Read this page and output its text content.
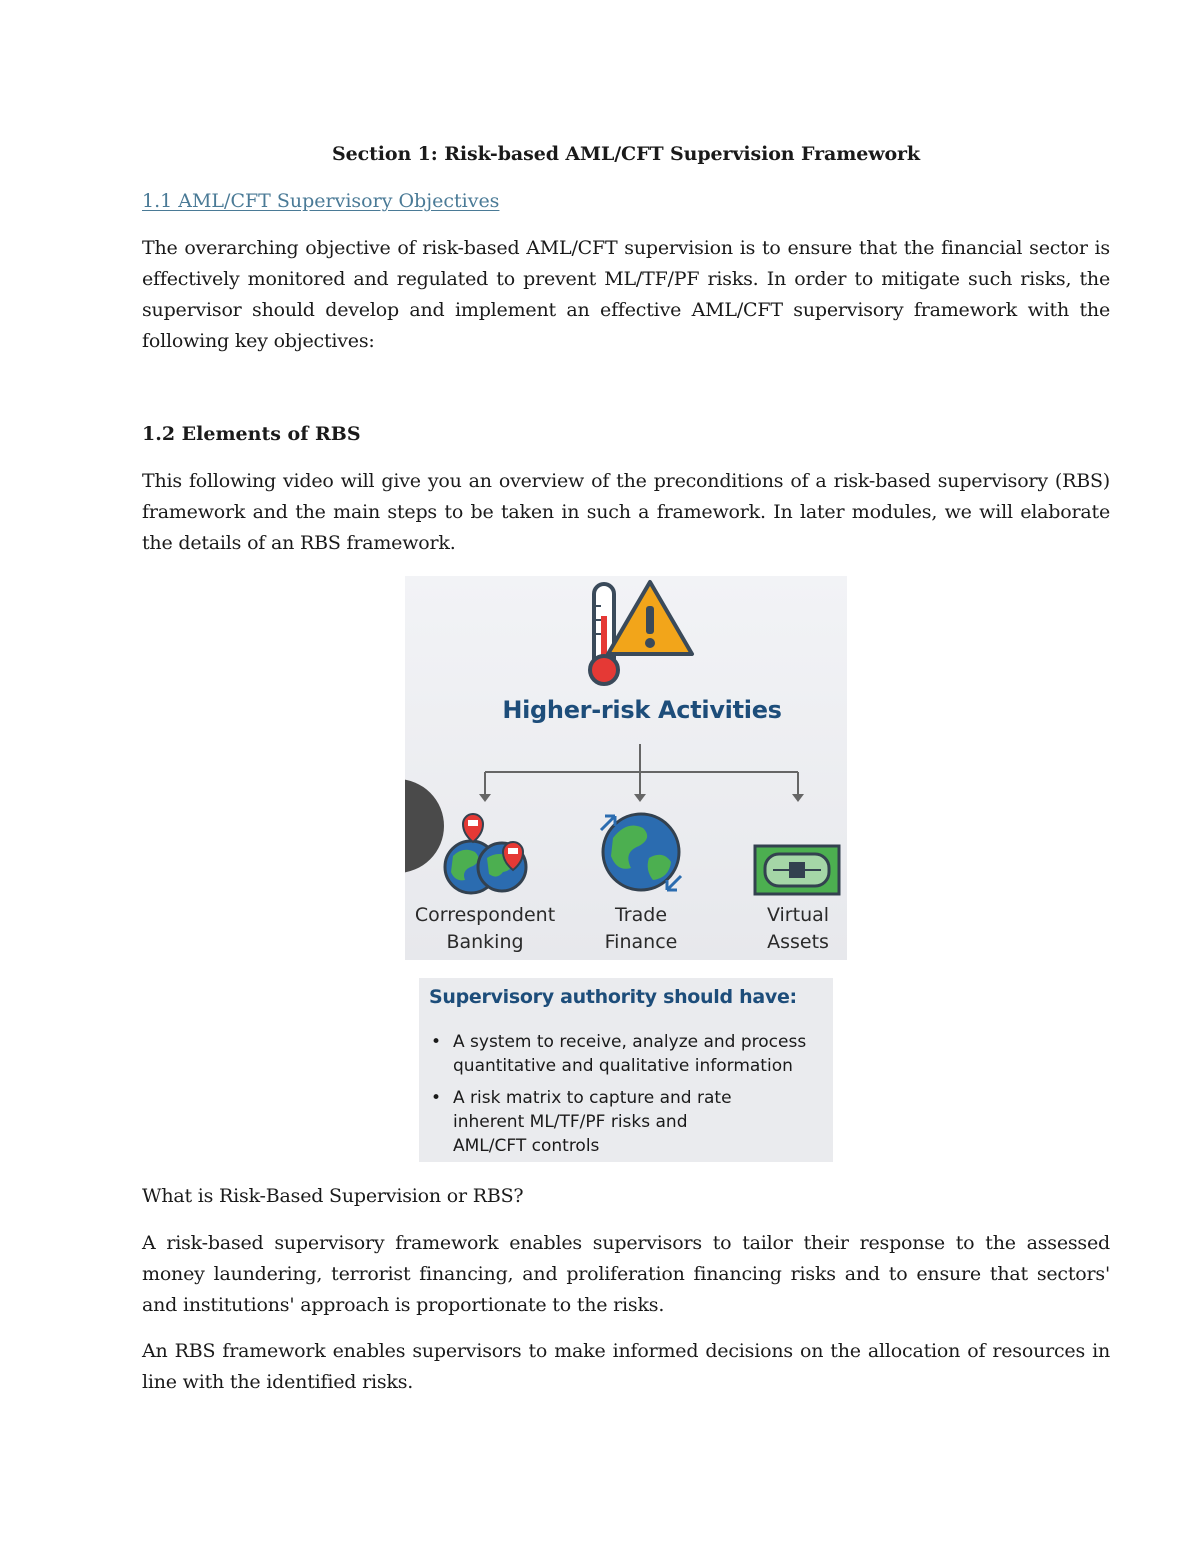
Section 1: Risk-based AML/CFT Supervision Framework
1.1 AML/CFT Supervisory Objectives
The overarching objective of risk-based AML/CFT supervision is to ensure that the financial sector is effectively monitored and regulated to prevent ML/TF/PF risks. In order to mitigate such risks, the supervisor should develop and implement an effective AML/CFT supervisory framework with the following key objectives:
1.2 Elements of RBS
This following video will give you an overview of the preconditions of a risk-based supervisory (RBS) framework and the main steps to be taken in such a framework. In later modules, we will elaborate the details of an RBS framework.
Higher-risk Activities
Correspondent
Banking
Trade
Finance
Virtual
Assets
Supervisory authority should have:
• A system to receive, analyze and process
quantitative and qualitative information
• A risk matrix to capture and rate
inherent ML/TF/PF risks and
AML/CFT controls
What is Risk-Based Supervision or RBS?
A risk-based supervisory framework enables supervisors to tailor their response to the assessed money laundering, terrorist financing, and proliferation financing risks and to ensure that sectors' and institutions' approach is proportionate to the risks.
An RBS framework enables supervisors to make informed decisions on the allocation of resources in line with the identified risks.
